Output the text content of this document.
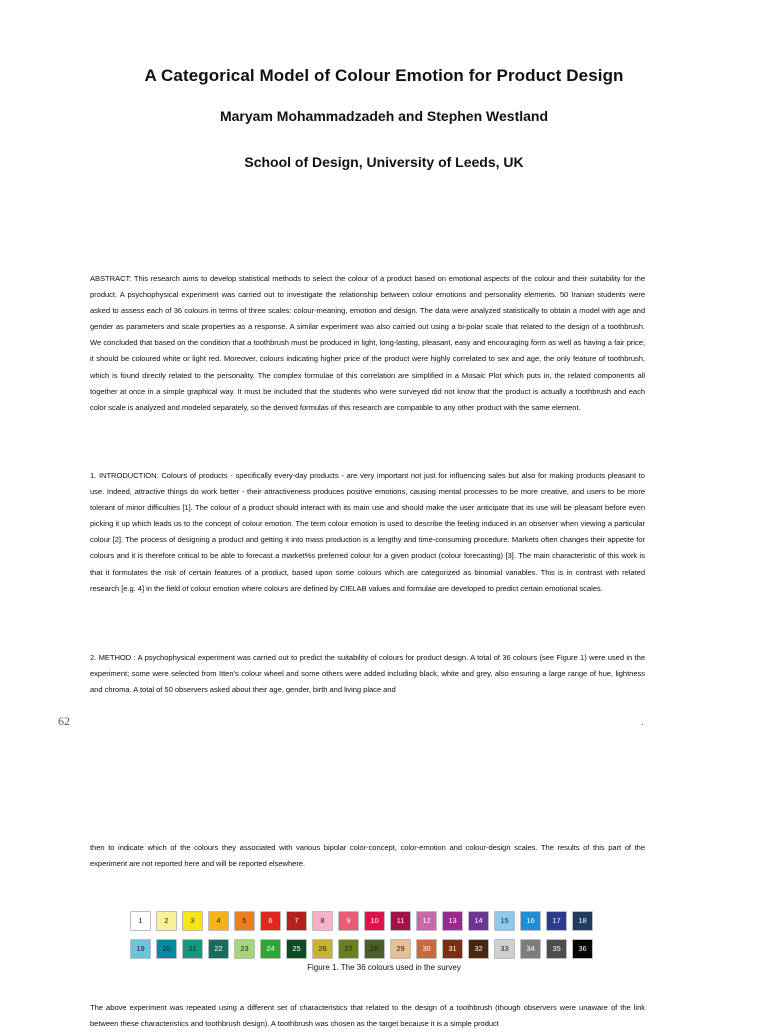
A Categorical Model of Colour Emotion for Product Design

Maryam Mohammadzadeh and Stephen Westland

School of Design, University of Leeds, UK

ABSTRACT: This research aims to develop statistical methods to select the colour of a product based on emotional aspects of the colour and their suitability for the product. A psychophysical experiment was carried out to investigate the relationship between colour emotions and personality elements. 50 Iranian students were asked to assess each of 36 colours in terms of three scales: colour-meaning, emotion and design. The data were analyzed statistically to obtain a model with age and gender as parameters and scale properties as a response. A similar experiment was also carried out using a bi-polar scale that related to the design of a toothbrush. We concluded that based on the condition that a toothbrush must be produced in light, long-lasting, pleasant, easy and encouraging form as well as having a fair price; it should be coloured white or light red. Moreover, colours indicating higher price of the product were highly correlated to sex and age, the only feature of toothbrush, which is found directly related to the personality. The complex formulae of this correlation are simplified in a Mosaic Plot which puts in, the related components all together at once in a simple graphical way. It must be included that the students who were surveyed did not know that the product is actually a toothbrush and each color scale is analyzed and modeled separately, so the derived formulas of this research are compatible to any other product with the same element.

1. INTRODUCTION: Colours of products - specifically every-day products - are very important not just for influencing sales but also for making products pleasant to use. Indeed, attractive things do work better - their attractiveness produces positive emotions, causing mental processes to be more creative, and users to be more tolerant of minor difficulties [1]. The colour of a product should interact with its main use and should make the user anticipate that its use will be pleasant before even picking it up which leads us to the concept of colour emotion. The term colour emotion is used to describe the feeling induced in an observer when viewing a particular colour [2]. The process of designing a product and getting it into mass production is a lengthy and time-consuming procedure. Markets often changes their appetite for colours and it is therefore critical to be able to forecast a market%s preferred colour for a given product (colour forecasting) [3]. The main characteristic of this work is that it formulates the risk of certain features of a product, based upon some colours which are categorized as binomial variables. This is in contrast with related research [e.g. 4] in the field of colour emotion where colours are defined by CIELAB values and formulae are developed to predict certain emotional scales.

2. METHOD : A psychophysical experiment was carried out to predict the suitability of colours for product design. A total of 36 colours (see Figure 1) were used in the experiment; some were selected from Itten’s colour wheel and some others were added including black, white and grey, also ensuring a large range of hue, lightness and chroma. A total of 50 observers asked about their age, gender, birth and living place and

62	.

then to indicate which of the colours they associated with various bipolar color-concept, color-emotion and colour-design scales. The results of this part of the experiment are not reported here and will be reported elsewhere.

1	2	3	4	5	6	7	8	9	10	11	12	13	14	15	16	17	18
19	20	21	22	23	24	25	26	27	28	29	30	31	32	33	34	35	36

Figure 1. The 36 colours used in the survey

The above experiment was repeated using a different set of characteristics that related to the design of a toothbrush (though observers were unaware of the link between these characteristics and toothbrush design). A toothbrush was chosen as the target because it is a simple product
